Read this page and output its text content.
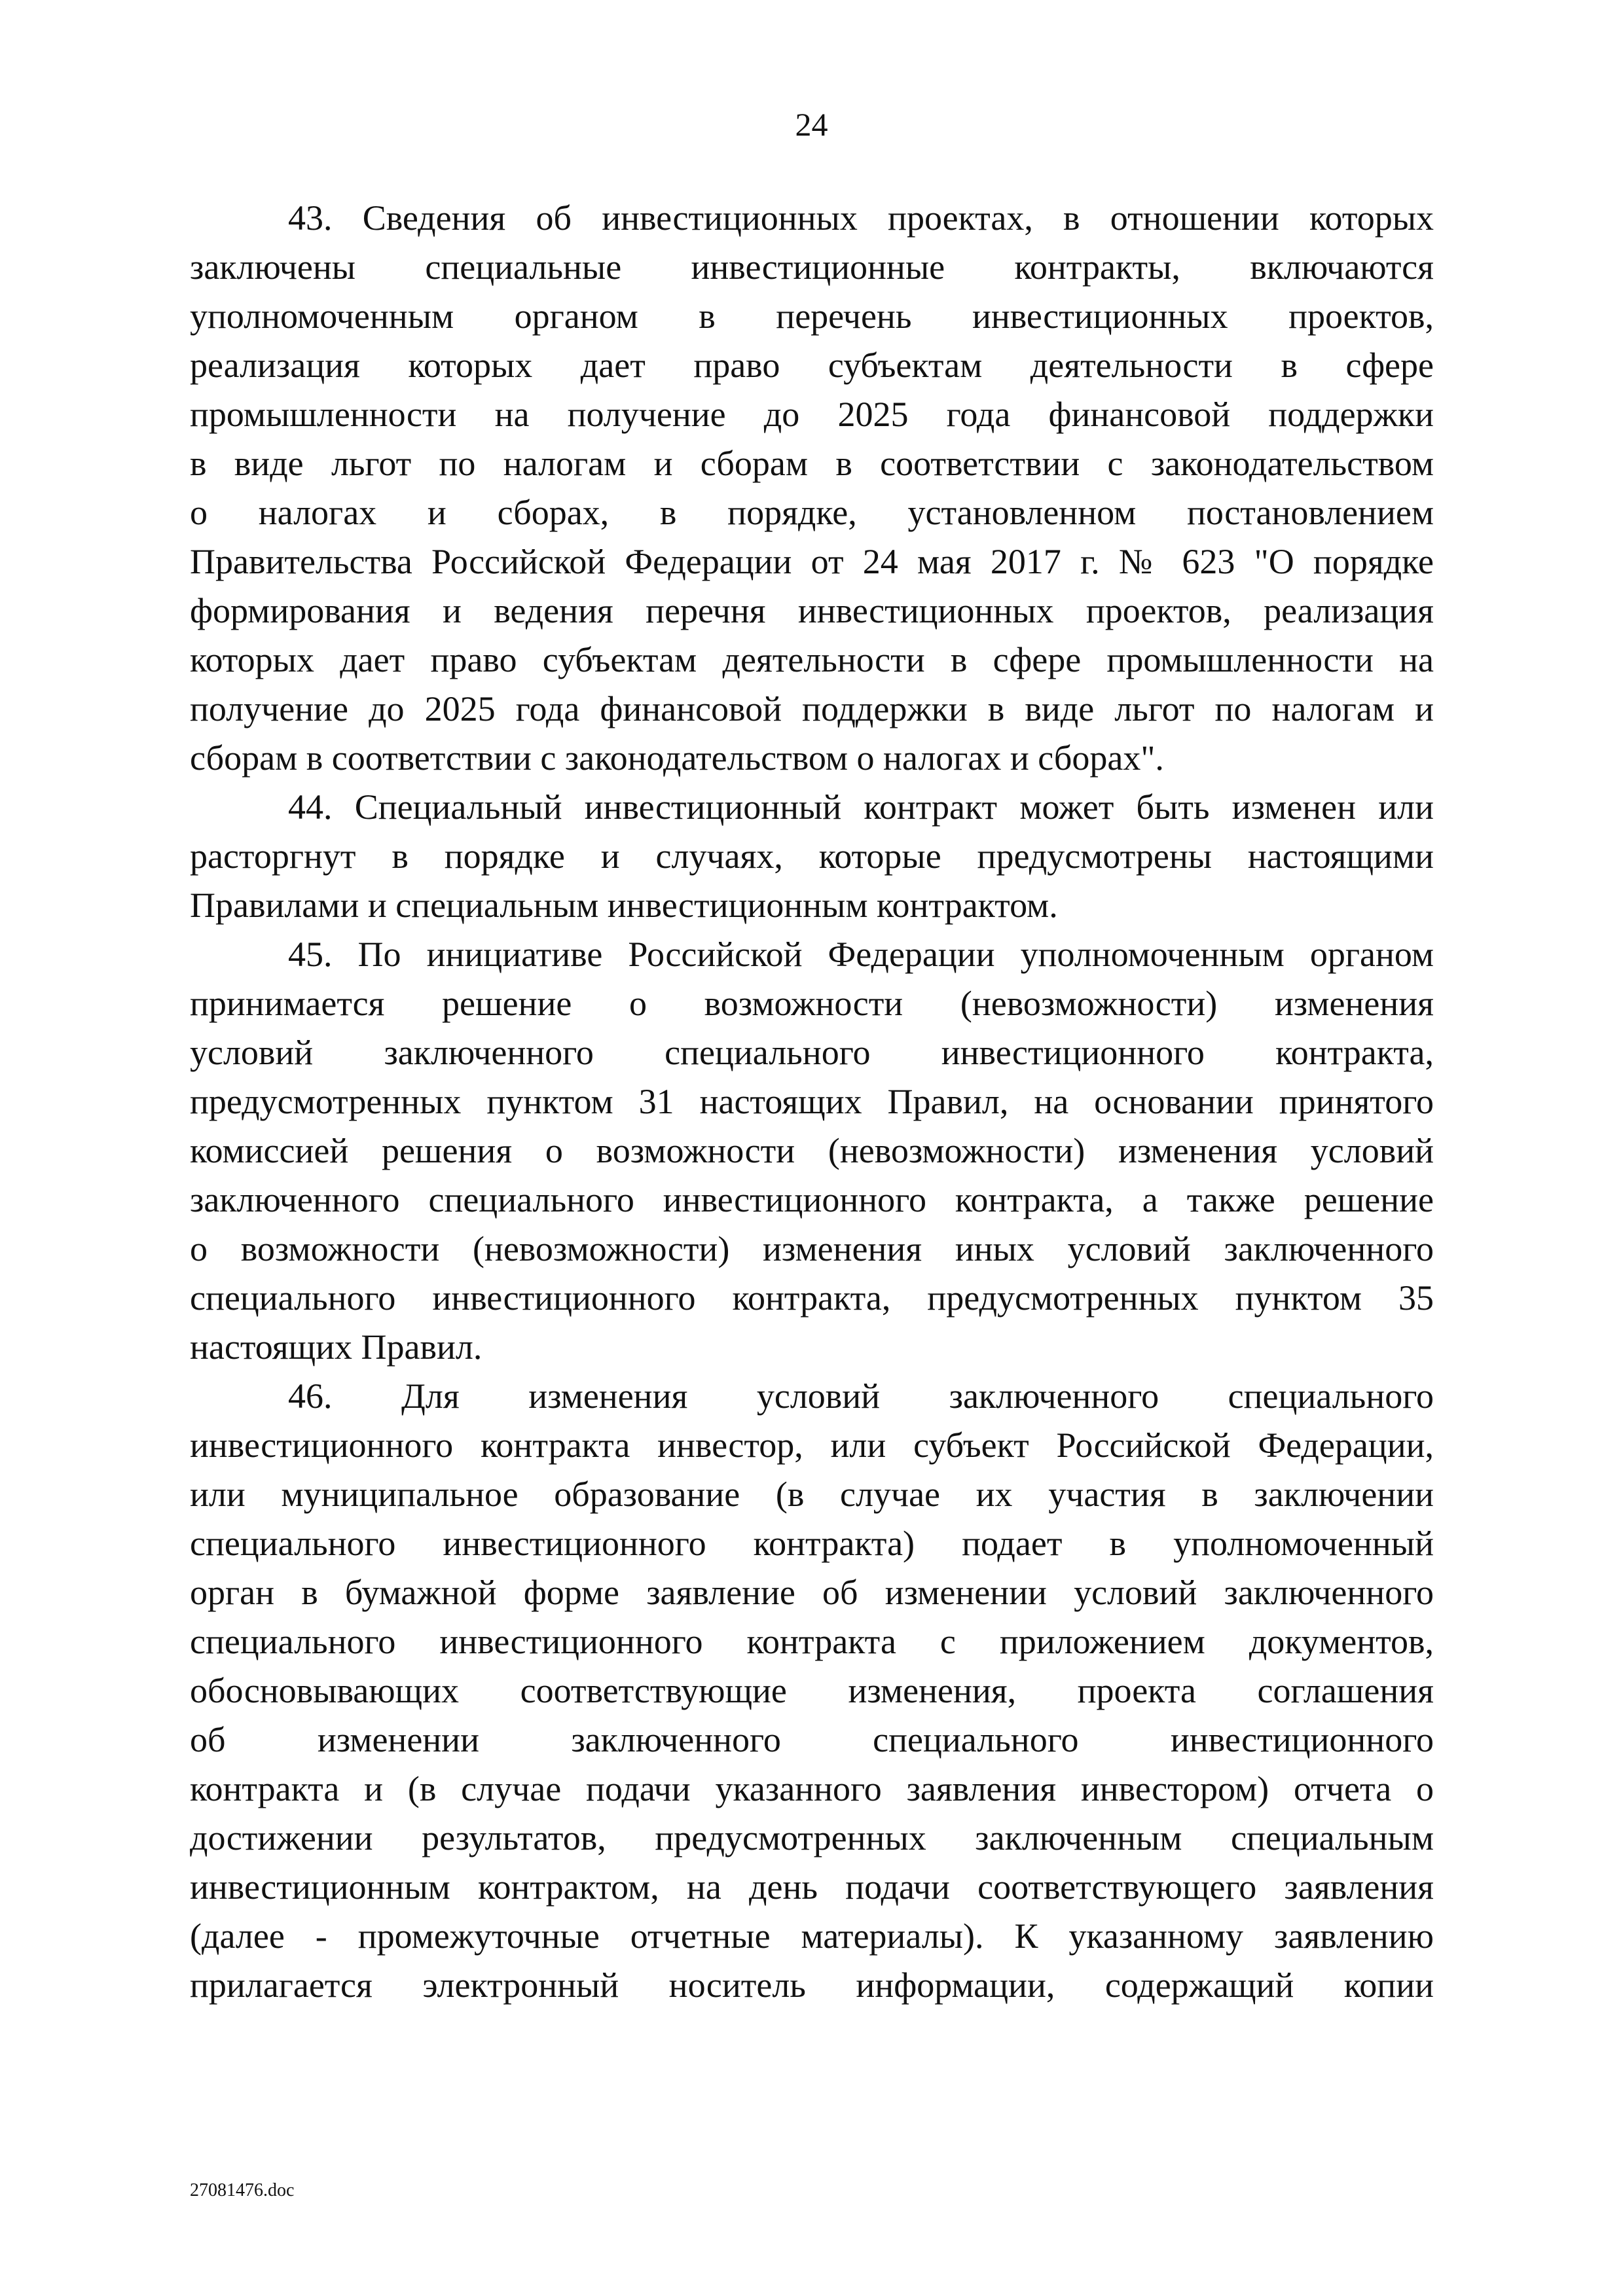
24

43. Сведения об инвестиционных проектах, в отношении которых
заключены специальные инвестиционные контракты, включаются
уполномоченным органом в перечень инвестиционных проектов,
реализация которых дает право субъектам деятельности в сфере
промышленности на получение до 2025 года финансовой поддержки
в виде льгот по налогам и сборам в соответствии с законодательством
о налогах и сборах, в порядке, установленном постановлением
Правительства Российской Федерации от 24 мая 2017 г. № 623 "О порядке
формирования и ведения перечня инвестиционных проектов, реализация
которых дает право субъектам деятельности в сфере промышленности на
получение до 2025 года финансовой поддержки в виде льгот по налогам и
сборам в соответствии с законодательством о налогах и сборах".

44. Специальный инвестиционный контракт может быть изменен или
расторгнут в порядке и случаях, которые предусмотрены настоящими
Правилами и специальным инвестиционным контрактом.

45. По инициативе Российской Федерации уполномоченным органом
принимается решение о возможности (невозможности) изменения
условий заключенного специального инвестиционного контракта,
предусмотренных пунктом 31 настоящих Правил, на основании принятого
комиссией решения о возможности (невозможности) изменения условий
заключенного специального инвестиционного контракта, а также решение
о возможности (невозможности) изменения иных условий заключенного
специального инвестиционного контракта, предусмотренных пунктом 35
настоящих Правил.

46. Для изменения условий заключенного специального
инвестиционного контракта инвестор, или субъект Российской Федерации,
или муниципальное образование (в случае их участия в заключении
специального инвестиционного контракта) подает в уполномоченный
орган в бумажной форме заявление об изменении условий заключенного
специального инвестиционного контракта с приложением документов,
обосновывающих соответствующие изменения, проекта соглашения
об изменении заключенного специального инвестиционного
контракта и (в случае подачи указанного заявления инвестором) отчета о
достижении результатов, предусмотренных заключенным специальным
инвестиционным контрактом, на день подачи соответствующего заявления
(далее - промежуточные отчетные материалы). К указанному заявлению
прилагается электронный носитель информации, содержащий копии

27081476.doc
